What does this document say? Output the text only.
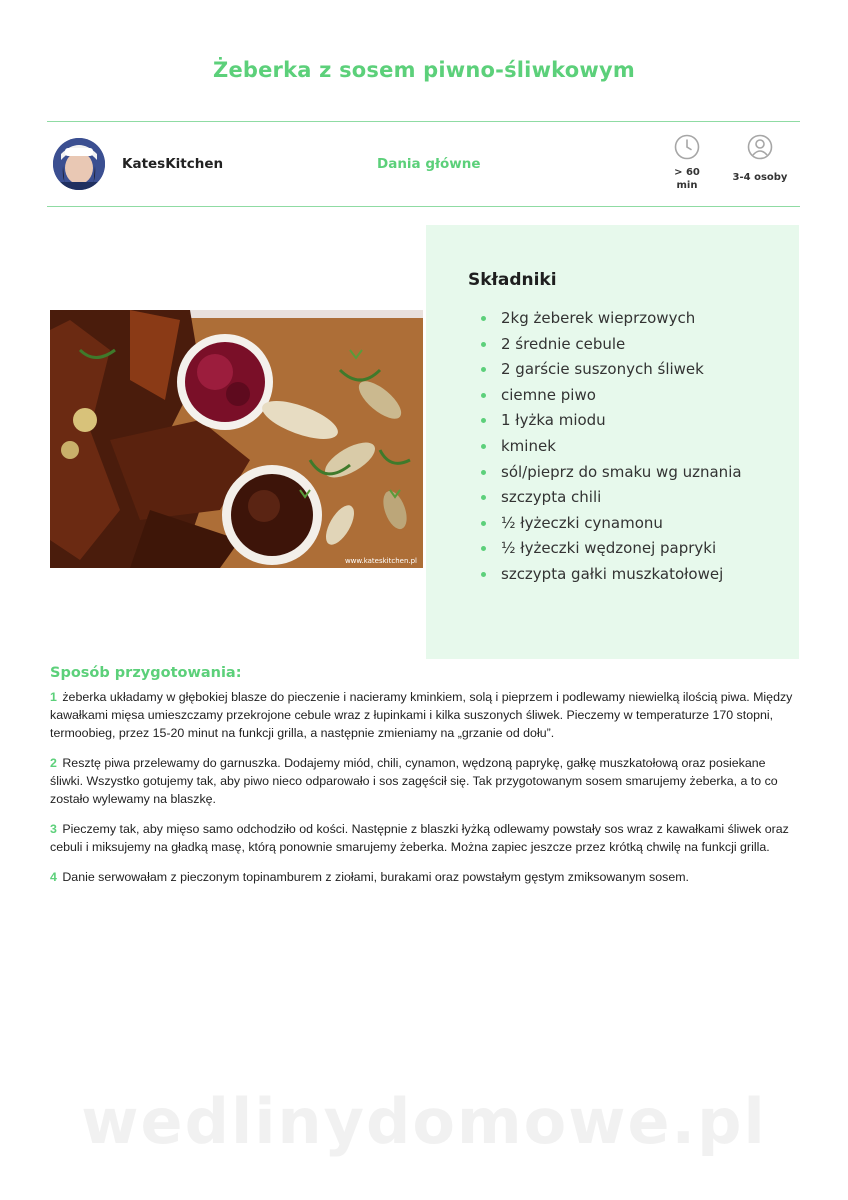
Żeberka z sosem piwno-śliwkowym
KatesKitchen	Dania główne
> 60 min
3-4 osoby
www.kateskitchen.pl
Składniki
2kg żeberek wieprzowych
2 średnie cebule
2 garście suszonych śliwek
ciemne piwo
1 łyżka miodu
kminek
sól/pieprz do smaku wg uznania
szczypta chili
½ łyżeczki cynamonu
½ łyżeczki wędzonej papryki
szczypta gałki muszkatołowej
Sposób przygotowania:

1 żeberka układamy w głębokiej blasze do pieczenie i nacieramy kminkiem, solą i pieprzem i podlewamy niewielką ilością piwa. Między kawałkami mięsa umieszczamy przekrojone cebule wraz z łupinkami i kilka suszonych śliwek. Pieczemy w temperaturze 170 stopni, termoobieg, przez 15-20 minut na funkcji grilla, a następnie zmieniamy na „grzanie od dołu”.

2 Resztę piwa przelewamy do garnuszka. Dodajemy miód, chili, cynamon, wędzoną paprykę, gałkę muszkatołową oraz posiekane śliwki. Wszystko gotujemy tak, aby piwo nieco odparowało i sos zagęścił się. Tak przygotowanym sosem smarujemy żeberka, a to co zostało wylewamy na blaszkę.

3 Pieczemy tak, aby mięso samo odchodziło od kości. Następnie z blaszki łyżką odlewamy powstały sos wraz z kawałkami śliwek oraz cebuli i miksujemy na gładką masę, którą ponownie smarujemy żeberka. Można zapiec jeszcze przez krótką chwilę na funkcji grilla.

4 Danie serwowałam z pieczonym topinamburem z ziołami, burakami oraz powstałym gęstym zmiksowanym sosem.

wedlinydomowe.pl
